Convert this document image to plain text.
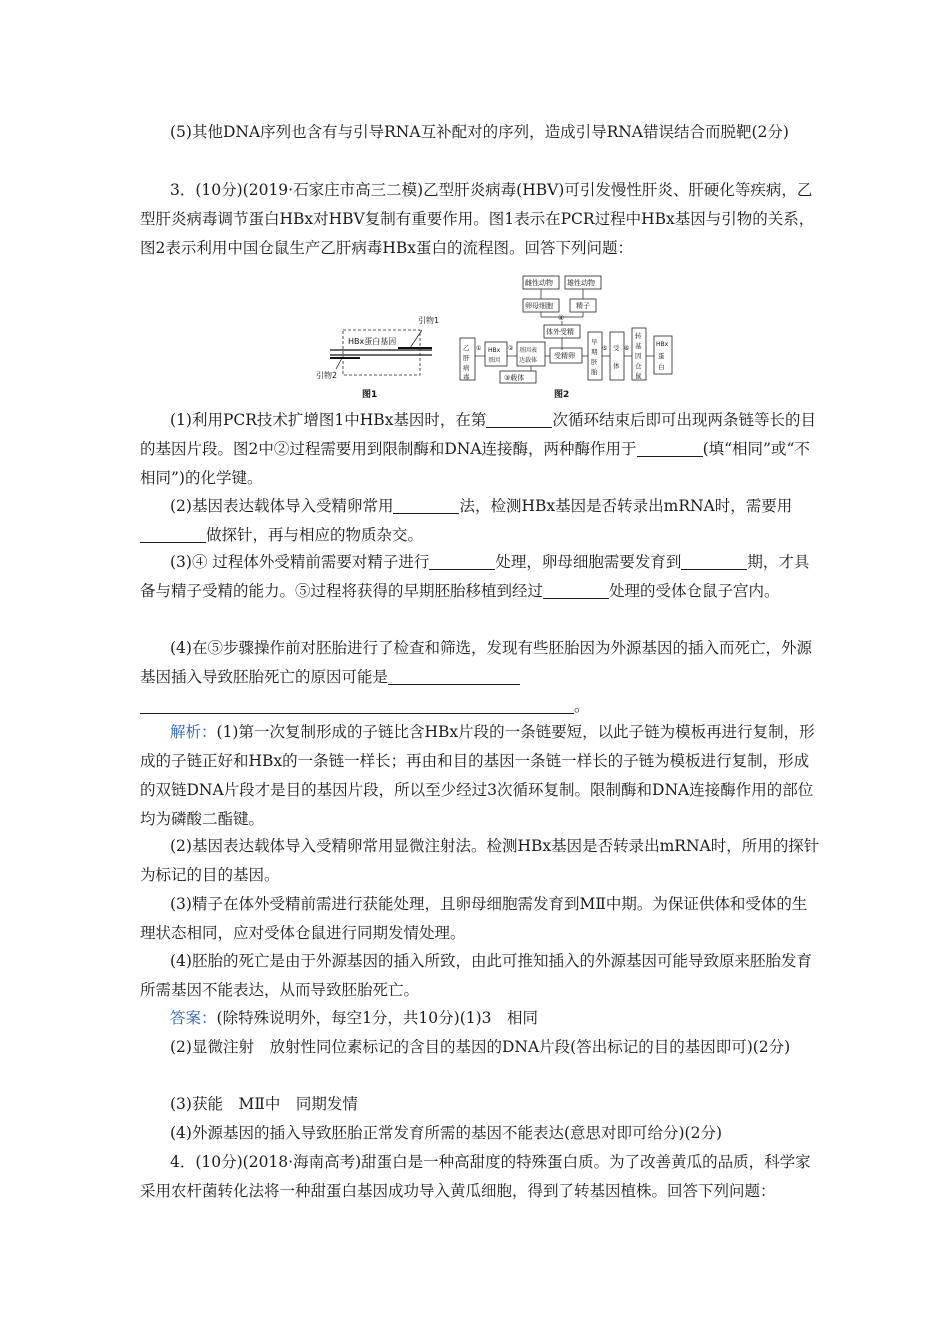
(5)其他DNA序列也含有与引导RNA互补配对的序列，造成引导RNA错误结合而脱靶(2分)

3．(10分)(2019·石家庄市高三二模)乙型肝炎病毒(HBV)可引发慢性肝炎、肝硬化等疾病，乙型肝炎病毒调节蛋白HBx对HBV复制有重要作用。图1表示在PCR过程中HBx基因与引物的关系，图2表示利用中国仓鼠生产乙肝病毒HBx蛋白的流程图。回答下列问题：

HBx蛋白基因
引物1
引物2
图1
雌性动物 雄性动物
卵母细胞	精子
④
体外受精
乙
肝
病
毒
① HBx
基因
② 基因表
达载体
③载体
受精卵
早
期
胚
胎
⑤ 受
体
⑥
转
基
因
仓
鼠
HBx
蛋
白
图2

(1)利用PCR技术扩增图1中HBx基因时，在第	次循环结束后即可出现两条链等长的目的基因片段。图2中②过程需要用到限制酶和DNA连接酶，两种酶作用于	(填“相同”或“不相同”)的化学键。

(2)基因表达载体导入受精卵常用	法，检测HBx基因是否转录出mRNA时，需要用做探针，再与相应的物质杂交。

(3)④ 过程体外受精前需要对精子进行	处理，卵母细胞需要发育到	期，才具备与精子受精的能力。⑤过程将获得的早期胚胎移植到经过	处理的受体仓鼠子宫内。

(4)在⑤步骤操作前对胚胎进行了检查和筛选，发现有些胚胎因为外源基因的插入而死亡，外源基因插入导致胚胎死亡的原因可能是
。

解析：(1)第一次复制形成的子链比含HBx片段的一条链要短，以此子链为模板再进行复制，形成的子链正好和HBx的一条链一样长；再由和目的基因一条链一样长的子链为模板进行复制，形成的双链DNA片段才是目的基因片段，所以至少经过3次循环复制。限制酶和DNA连接酶作用的部位均为磷酸二酯键。

(2)基因表达载体导入受精卵常用显微注射法。检测HBx基因是否转录出mRNA时，所用的探针为标记的目的基因。

(3)精子在体外受精前需进行获能处理，且卵母细胞需发育到MⅡ中期。为保证供体和受体的生理状态相同，应对受体仓鼠进行同期发情处理。

(4)胚胎的死亡是由于外源基因的插入所致，由此可推知插入的外源基因可能导致原来胚胎发育所需基因不能表达，从而导致胚胎死亡。

答案：(除特殊说明外，每空1分，共10分)(1)3　相同

(2)显微注射　放射性同位素标记的含目的基因的DNA片段(答出标记的目的基因即可)(2分)

(3)获能　MⅡ中　同期发情

(4)外源基因的插入导致胚胎正常发育所需的基因不能表达(意思对即可给分)(2分)

4．(10分)(2018·海南高考)甜蛋白是一种高甜度的特殊蛋白质。为了改善黄瓜的品质，科学家采用农杆菌转化法将一种甜蛋白基因成功导入黄瓜细胞，得到了转基因植株。回答下列问题：
